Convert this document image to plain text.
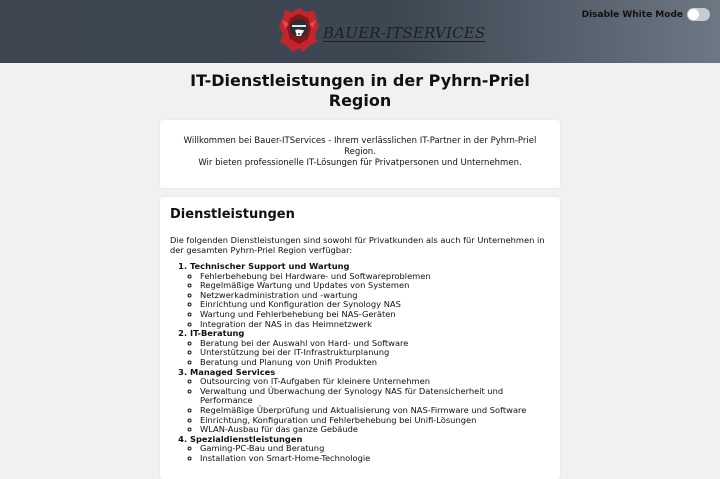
B BAUER-ITSERVICES
Disable White Mode
IT-Dienstleistungen in der Pyhrn-Priel Region
Willkommen bei Bauer-ITServices - Ihrem verlässlichen IT-Partner in der Pyhrn-Priel Region.
Wir bieten professionelle IT-Lösungen für Privatpersonen und Unternehmen.
Dienstleistungen

Die folgenden Dienstleistungen sind sowohl für Privatkunden als auch für Unternehmen in der gesamten Pyhrn-Priel Region verfügbar:

1. Technischer Support und Wartung
◦ Fehlerbehebung bei Hardware- und Softwareproblemen
◦ Regelmäßige Wartung und Updates von Systemen
◦ Netzwerkadministration und -wartung
◦ Einrichtung und Konfiguration der Synology NAS
◦ Wartung und Fehlerbehebung bei NAS-Geräten
◦ Integration der NAS in das Heimnetzwerk
2. IT-Beratung
◦ Beratung bei der Auswahl von Hard- und Software
◦ Unterstützung bei der IT-Infrastrukturplanung
◦ Beratung und Planung von Unifi Produkten
3. Managed Services
◦ Outsourcing von IT-Aufgaben für kleinere Unternehmen
◦ Verwaltung und Überwachung der Synology NAS für Datensicherheit und Performance
◦ Regelmäßige Überprüfung und Aktualisierung von NAS-Firmware und Software
◦ Einrichtung, Konfiguration und Fehlerbehebung bei Unifi-Lösungen
◦ WLAN-Ausbau für das ganze Gebäude
4. Spezialdienstleistungen
◦ Gaming-PC-Bau und Beratung
◦ Installation von Smart-Home-Technologie
